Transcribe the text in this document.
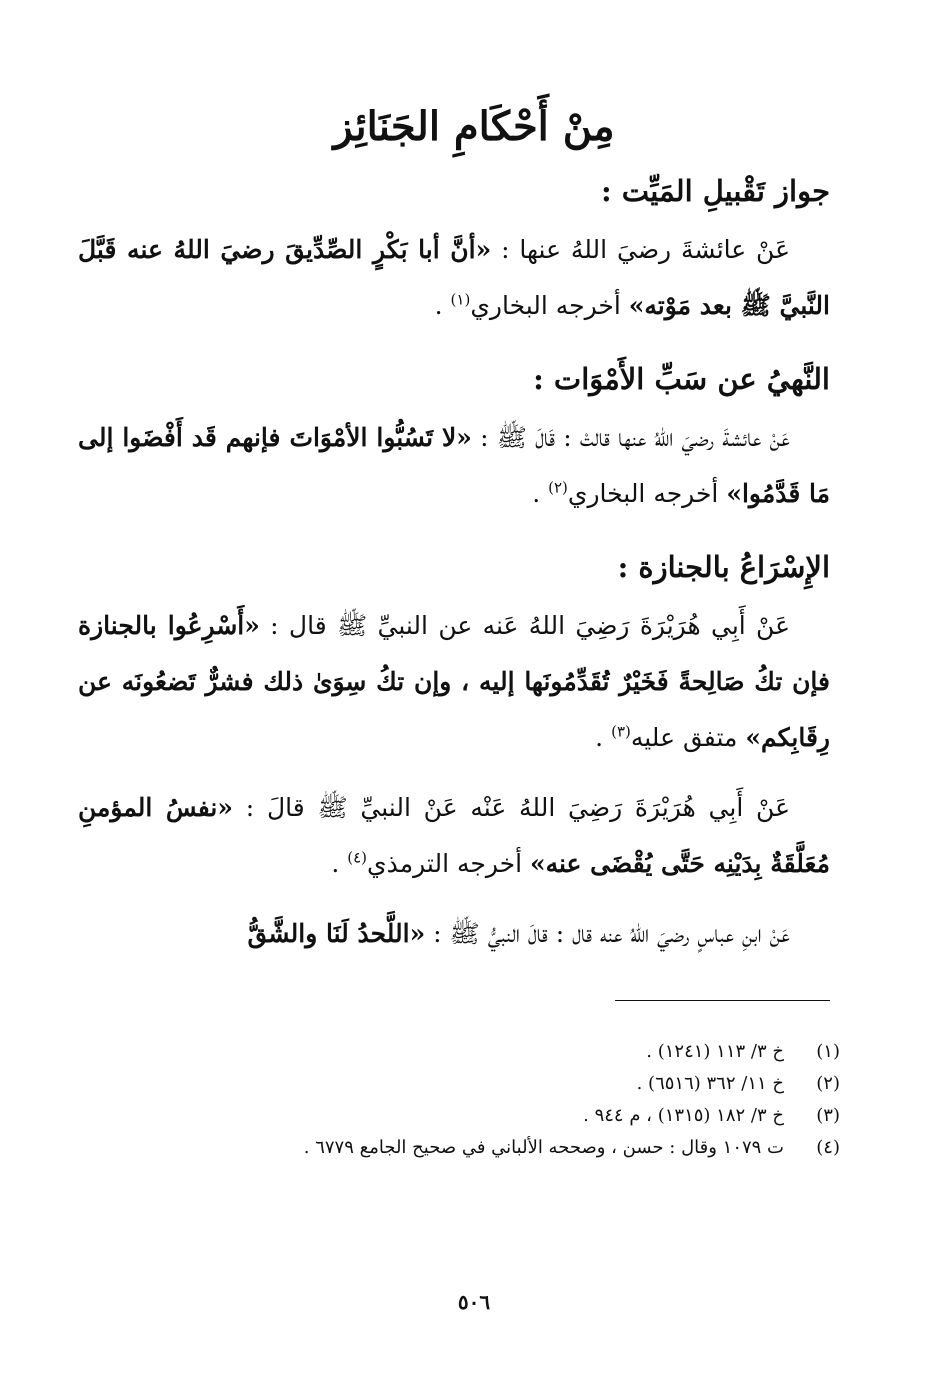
مِنْ أَحْكَامِ الجَنَائِز
جواز تَقْبيلِ المَيِّت :

عَنْ عائشةَ رضيَ اللهُ عنها : «أنَّ أبا بَكْرٍ الصِّدِّيقَ رضيَ اللهُ عنه قَبَّلَ النَّبيَّ ﷺ بعد مَوْته» أخرجه البخاري$^{(١)}$ .

النَّهيُ عن سَبِّ الأَمْوَات :

عَنْ عائشةَ رضيَ اللهُ عنها قالتْ : قَالَ ﷺ : «لا تَسُبُّوا الأمْوَاتَ فإنهم قَد أَفْضَوا إلى مَا قَدَّمُوا» أخرجه البخاري$^{(٢)}$ .

الإِسْرَاعُ بالجنازة :

عَنْ أَبِي هُرَيْرَةَ رَضِيَ اللهُ عَنه عن النبيِّ ﷺ قال : «أَسْرِعُوا بالجنازة فإن تكُ صَالِحةً فَخَيْرٌ تُقَدِّمُونَها إليه ، وإن تكُ سِوَىٰ ذلك فشرٌّ تَضعُونَه عن رِقَابِكم» متفق عليه$^{(٣)}$ .

عَنْ أَبِي هُرَيْرَةَ رَضِيَ اللهُ عَنْه عَنْ النبيِّ ﷺ قالَ : «نفسُ المؤمنِ مُعَلَّقَةٌ بِدَيْنِه حَتَّى يُقْضَى عنه» أخرجه الترمذي$^{(٤)}$ .

عَنْ ابنِ عباسٍ رضيَ اللهُ عنه قال : قالَ النبيُّ ﷺ : «اللَّحدُ لَنَا والشَّقُّ

(١)
خ ٣/ ١١٣ (١٢٤١) .
(٢)
خ ١١/ ٣٦٢ (٦٥١٦) .
(٣)
خ ٣/ ١٨٢ (١٣١٥) ، م ٩٤٤ .
(٤)
ت ١٠٧٩ وقال : حسن ، وصححه الألباني في صحيح الجامع ٦٧٧٩ .
٥٠٦
